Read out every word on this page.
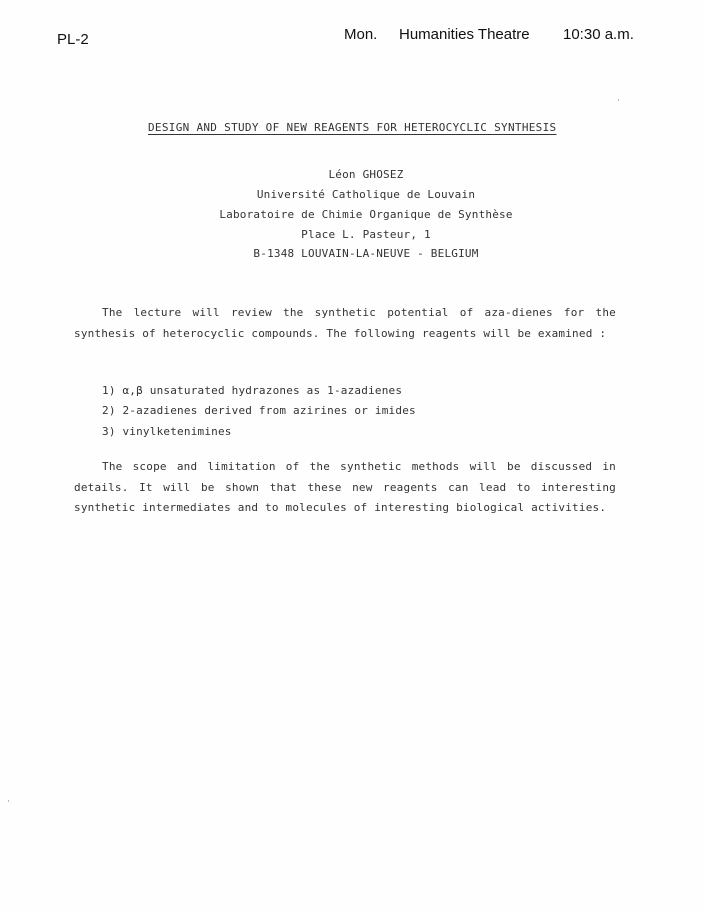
PL-2	Mon. Humanities Theatre 10:30 a.m.
DESIGN AND STUDY OF NEW REAGENTS FOR HETEROCYCLIC SYNTHESIS
Léon GHOSEZ
Université Catholique de Louvain
Laboratoire de Chimie Organique de Synthèse
Place L. Pasteur, 1
B-1348 LOUVAIN-LA-NEUVE - BELGIUM
The lecture will review the synthetic potential of aza-dienes for the synthesis of heterocyclic compounds. The following reagents will be examined :
1) α,β unsaturated hydrazones as 1-azadienes
2) 2-azadienes derived from azirines or imides
3) vinylketenimines
The scope and limitation of the synthetic methods will be discussed in details. It will be shown that these new reagents can lead to interesting synthetic intermediates and to molecules of interesting biological activities.
